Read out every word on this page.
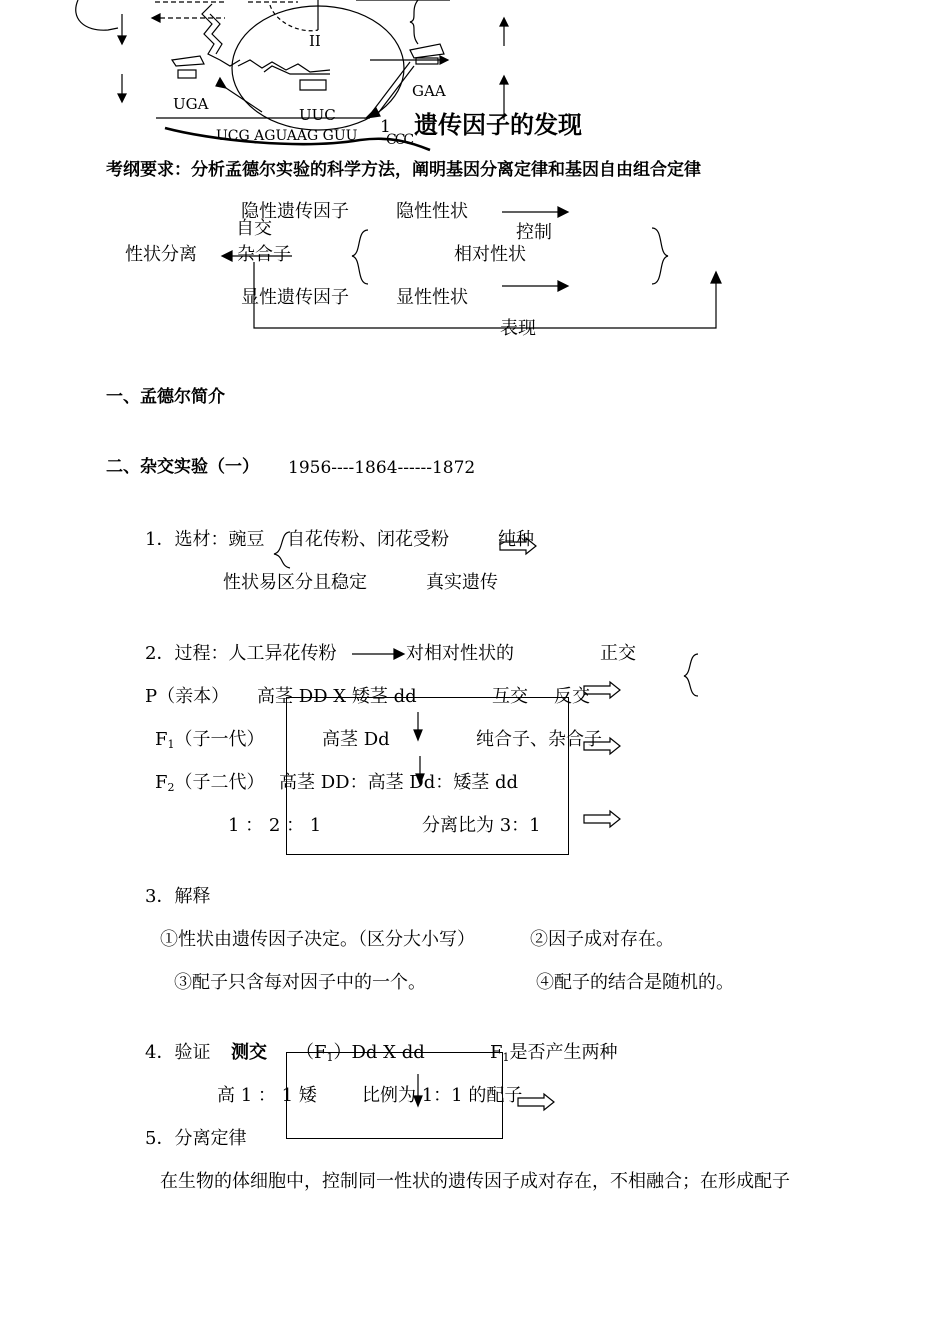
UGA
UUC
GAA
II
UCG AGUAAG GUU CCC
1 遗传因子的发现
考纲要求：分析孟德尔实验的科学方法，阐明基因分离定律和基因自由组合定律
隐性遗传因子	隐性性状
自交	控制
性状分离 杂合子	相对性状
显性遗传因子	显性性状
表现
一、孟德尔简介
二、杂交实验（一） 1956----1864------1872
1．选材：豌豆 自花传粉、闭花受粉	纯种
性状易区分且稳定	真实遗传
2．过程：人工异花传粉	对相对性状的	正交
P（亲本） 高茎 DD X 矮茎 dd	互交 反交
$F_1$（子一代）	高茎 Dd	纯合子、杂合子
$F_2$（子二代） 高茎 DD：高茎 Dd：矮茎 dd
1 ： 2 ： 1	分离比为 3：1
3．解释
①性状由遗传因子决定。（区分大小写）	②因子成对存在。
③配子只含每对因子中的一个。	④配子的结合是随机的。
4．验证 测交 $(F_1)Dd$ X dd	$F_1$是否产生两种
高 1 ： 1 矮	比例为 1：1 的配子
5．分离定律
在生物的体细胞中，控制同一性状的遗传因子成对存在，不相融合；在形成配子
